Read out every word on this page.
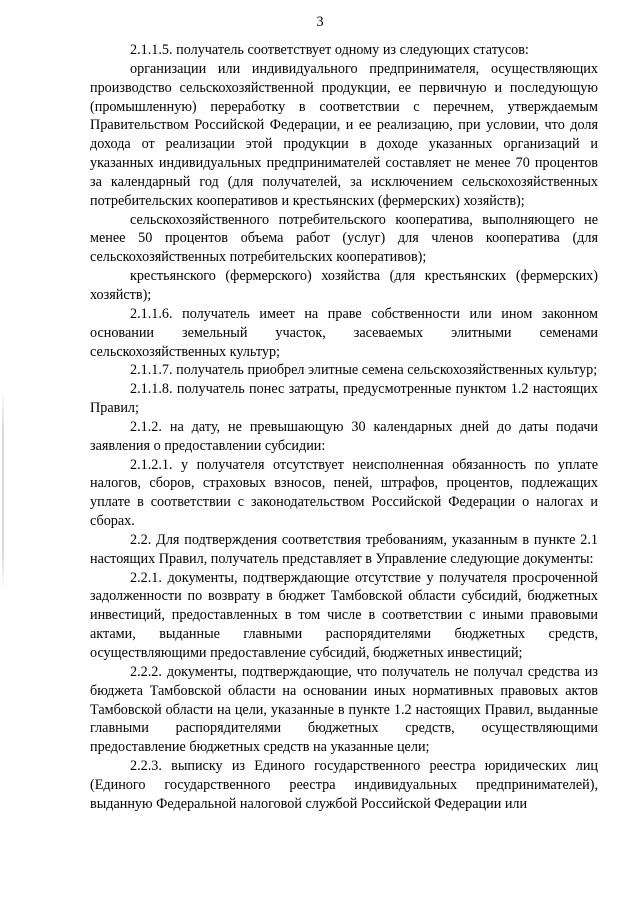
3

2.1.1.5. получатель соответствует одному из следующих статусов:

организации или индивидуального предпринимателя, осуществляющих производство сельскохозяйственной продукции, ее первичную и последующую (промышленную) переработку в соответствии с перечнем, утверждаемым Правительством Российской Федерации, и ее реализацию, при условии, что доля дохода от реализации этой продукции в доходе указанных организаций и указанных индивидуальных предпринимателей составляет не менее 70 процентов за календарный год (для получателей, за исключением сельскохозяйственных потребительских кооперативов и крестьянских (фермерских) хозяйств);

сельскохозяйственного потребительского кооператива, выполняющего не менее 50 процентов объема работ (услуг) для членов кооператива (для сельскохозяйственных потребительских кооперативов);

крестьянского (фермерского) хозяйства (для крестьянских (фермерских) хозяйств);

2.1.1.6. получатель имеет на праве собственности или ином законном основании земельный участок, засеваемых элитными семенами сельскохозяйственных культур;

2.1.1.7. получатель приобрел элитные семена сельскохозяйственных культур;

2.1.1.8. получатель понес затраты, предусмотренные пунктом 1.2 настоящих Правил;

2.1.2. на дату, не превышающую 30 календарных дней до даты подачи заявления о предоставлении субсидии:

2.1.2.1. у получателя отсутствует неисполненная обязанность по уплате налогов, сборов, страховых взносов, пеней, штрафов, процентов, подлежащих уплате в соответствии с законодательством Российской Федерации о налогах и сборах.

2.2. Для подтверждения соответствия требованиям, указанным в пункте 2.1 настоящих Правил, получатель представляет в Управление следующие документы:

2.2.1. документы, подтверждающие отсутствие у получателя просроченной задолженности по возврату в бюджет Тамбовской области субсидий, бюджетных инвестиций, предоставленных в том числе в соответствии с иными правовыми актами, выданные главными распорядителями бюджетных средств, осуществляющими предоставление субсидий, бюджетных инвестиций;

2.2.2. документы, подтверждающие, что получатель не получал средства из бюджета Тамбовской области на основании иных нормативных правовых актов Тамбовской области на цели, указанные в пункте 1.2 настоящих Правил, выданные главными распорядителями бюджетных средств, осуществляющими предоставление бюджетных средств на указанные цели;

2.2.3. выписку из Единого государственного реестра юридических лиц (Единого государственного реестра индивидуальных предпринимателей), выданную Федеральной налоговой службой Российской Федерации или
